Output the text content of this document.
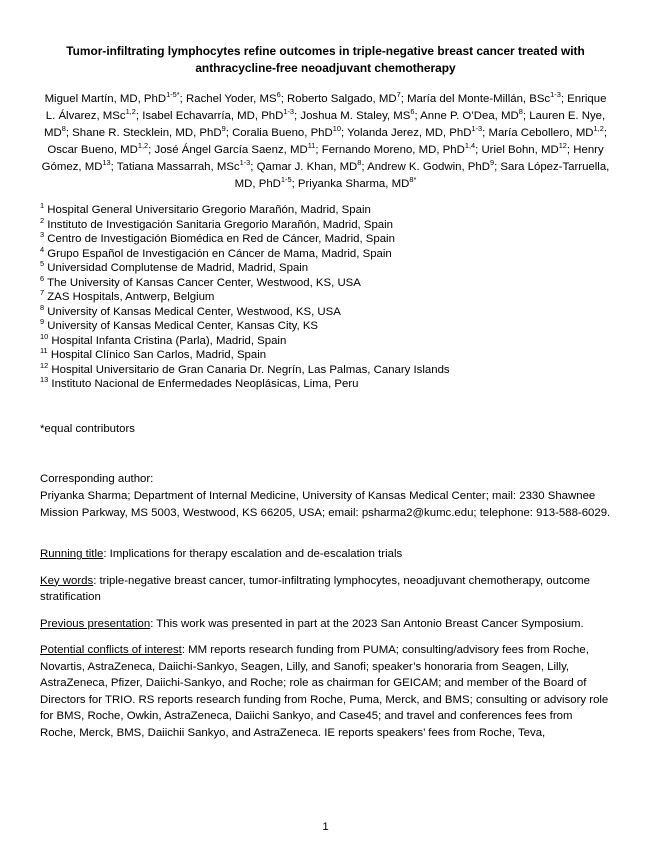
Tumor-infiltrating lymphocytes refine outcomes in triple-negative breast cancer treated with anthracycline-free neoadjuvant chemotherapy

Miguel Martín, MD, PhD$^{1-5*}$; Rachel Yoder, $MS^6$; Roberto Salgado, $MD^7$; María del Monte-Millán, BSc$^{1-3}$; Enrique L. Álvarez, MSc$^{1,2}$; Isabel Echavarría, MD, PhD$^{1-3}$; Joshua M. Staley, $MS^6$; Anne P. O’Dea, $MD^8$; Lauren E. Nye, $MD^8$; Shane R. Stecklein, MD, PhD$^9$; Coralia Bueno, PhD$^{10}$; Yolanda Jerez, MD, PhD$^{1-3}$; María Cebollero, MD$^{1,2}$; Oscar Bueno, MD$^{1,2}$; José Ángel García Saenz, MD$^{11}$; Fernando Moreno, MD, PhD$^{1,4}$; Uriel Bohn, MD$^{12}$; Henry Gómez, MD$^{13}$; Tatiana Massarrah, MSc$^{1-3}$; Qamar J. Khan, $MD^8$; Andrew K. Godwin, PhD$^9$; Sara López-Tarruella, MD, PhD$^{1-5}$; Priyanka Sharma, $MD^{8*}$

$^1$ Hospital General Universitario Gregorio Marañón, Madrid, Spain
$^2$ Instituto de Investigación Sanitaria Gregorio Marañón, Madrid, Spain
$^3$ Centro de Investigación Biomédica en Red de Cáncer, Madrid, Spain
$^4$ Grupo Español de Investigación en Cáncer de Mama, Madrid, Spain
$^5$ Universidad Complutense de Madrid, Madrid, Spain
$^6$ The University of Kansas Cancer Center, Westwood, KS, USA
$^7$ ZAS Hospitals, Antwerp, Belgium
$^8$ University of Kansas Medical Center, Westwood, KS, USA
$^9$ University of Kansas Medical Center, Kansas City, KS
$^{10}$ Hospital Infanta Cristina (Parla), Madrid, Spain
$^{11}$ Hospital Clínico San Carlos, Madrid, Spain
$^{12}$ Hospital Universitario de Gran Canaria Dr. Negrín, Las Palmas, Canary Islands
$^{13}$ Instituto Nacional de Enfermedades Neoplásicas, Lima, Peru

*equal contributors

Corresponding author:
Priyanka Sharma; Department of Internal Medicine, University of Kansas Medical Center; mail: 2330 Shawnee Mission Parkway, MS 5003, Westwood, KS 66205, USA; email: psharma2@kumc.edu; telephone: 913-588-6029.

Running title: Implications for therapy escalation and de-escalation trials

Key words: triple-negative breast cancer, tumor-infiltrating lymphocytes, neoadjuvant chemotherapy, outcome stratification

Previous presentation: This work was presented in part at the 2023 San Antonio Breast Cancer Symposium.

Potential conflicts of interest: MM reports research funding from PUMA; consulting/advisory fees from Roche, Novartis, AstraZeneca, Daiichi-Sankyo, Seagen, Lilly, and Sanofi; speaker’s honoraria from Seagen, Lilly, AstraZeneca, Pfizer, Daiichi-Sankyo, and Roche; role as chairman for GEICAM; and member of the Board of Directors for TRIO. RS reports research funding from Roche, Puma, Merck, and BMS; consulting or advisory role for BMS, Roche, Owkin, AstraZeneca, Daiichi Sankyo, and Case45; and travel and conferences fees from Roche, Merck, BMS, Daiichii Sankyo, and AstraZeneca. IE reports speakers’ fees from Roche, Teva,

1
